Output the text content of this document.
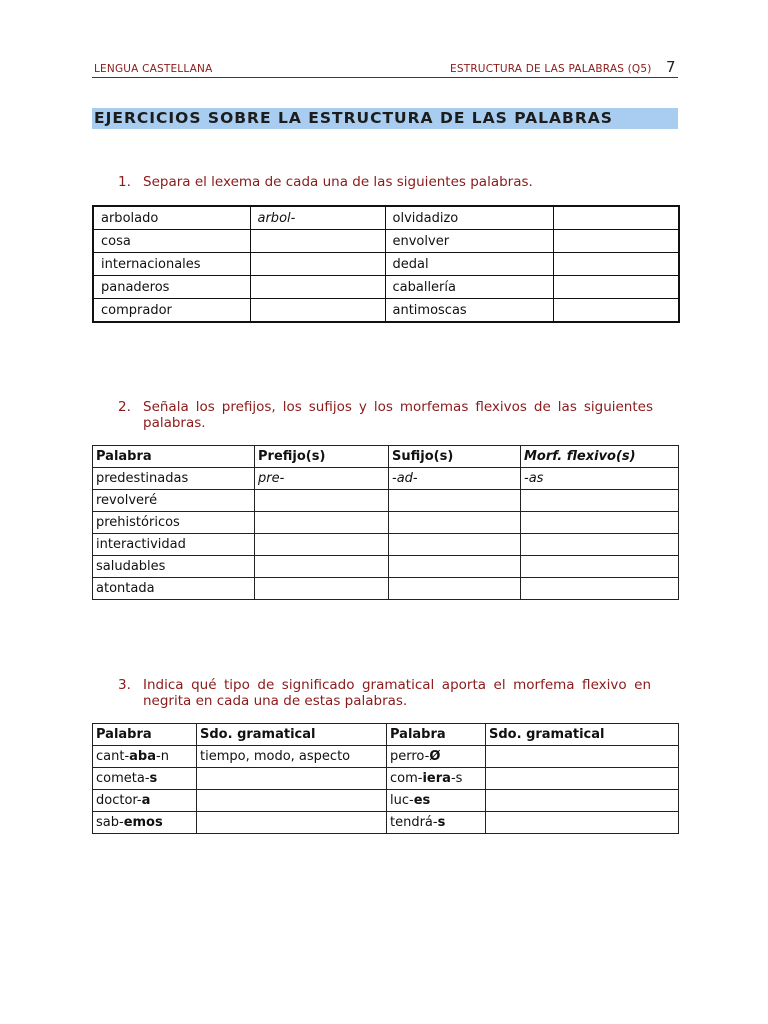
LENGUA CASTELLANA	ESTRUCTURA DE LAS PALABRAS (Q5) 7
EJERCICIOS SOBRE LA ESTRUCTURA DE LAS PALABRAS
1. Separa el lexema de cada una de las siguientes palabras.
arbolado	arbol-	olvidadizo	
cosa		envolver	
internacionales		dedal	
panaderos		caballería	
comprador		antimoscas	
2. Señala los prefijos, los sufijos y los morfemas flexivos de las siguientes
palabras.
Palabra	Prefijo(s)	Sufijo(s)	Morf. flexivo(s)
predestinadas	pre-	-ad-	-as
revolveré			
prehistóricos			
interactividad			
saludables			
atontada			
3. Indica qué tipo de significado gramatical aporta el morfema flexivo en
negrita en cada una de estas palabras.
Palabra	Sdo. gramatical	Palabra	Sdo. gramatical
cant-aba-n	tiempo, modo, aspecto	perro-Ø	
cometa-s		com-iera-s	
doctor-a		luc-es	
sab-emos		tendrá-s	
